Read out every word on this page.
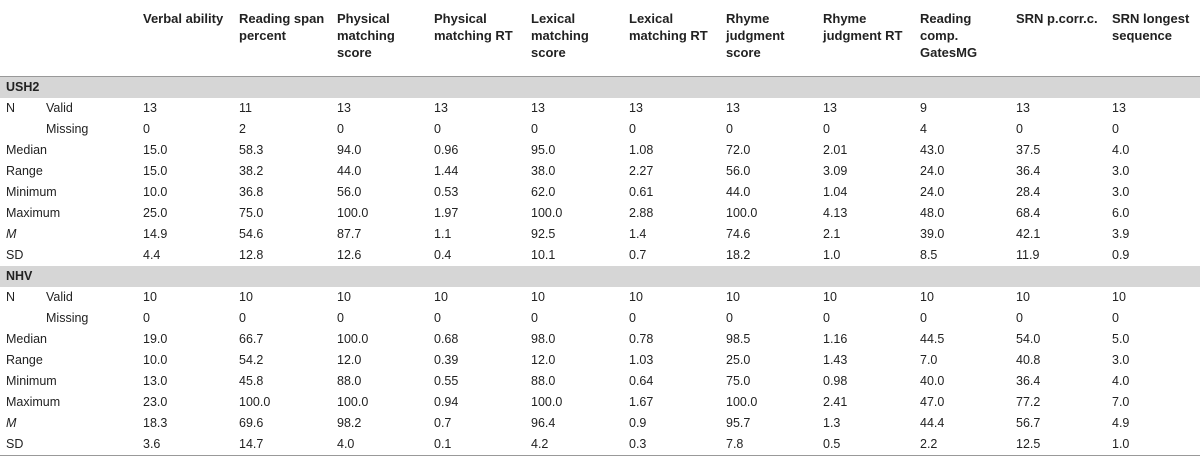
		Verbal ability	Reading span percent	Physical matching score	Physical matching RT	Lexical matching score	Lexical matching RT	Rhyme judgment score	Rhyme judgment RT	Reading comp. GatesMG	SRN p.corr.c.	SRN longest sequence
USH2												
N	Valid	13	11	13	13	13	13	13	13	9	13	13
	Missing	0	2	0	0	0	0	0	0	4	0	0
Median		15.0	58.3	94.0	0.96	95.0	1.08	72.0	2.01	43.0	37.5	4.0
Range		15.0	38.2	44.0	1.44	38.0	2.27	56.0	3.09	24.0	36.4	3.0
Minimum		10.0	36.8	56.0	0.53	62.0	0.61	44.0	1.04	24.0	28.4	3.0
Maximum		25.0	75.0	100.0	1.97	100.0	2.88	100.0	4.13	48.0	68.4	6.0
M		14.9	54.6	87.7	1.1	92.5	1.4	74.6	2.1	39.0	42.1	3.9
SD		4.4	12.8	12.6	0.4	10.1	0.7	18.2	1.0	8.5	11.9	0.9
NHV												
N	Valid	10	10	10	10	10	10	10	10	10	10	10
	Missing	0	0	0	0	0	0	0	0	0	0	0
Median		19.0	66.7	100.0	0.68	98.0	0.78	98.5	1.16	44.5	54.0	5.0
Range		10.0	54.2	12.0	0.39	12.0	1.03	25.0	1.43	7.0	40.8	3.0
Minimum		13.0	45.8	88.0	0.55	88.0	0.64	75.0	0.98	40.0	36.4	4.0
Maximum		23.0	100.0	100.0	0.94	100.0	1.67	100.0	2.41	47.0	77.2	7.0
M		18.3	69.6	98.2	0.7	96.4	0.9	95.7	1.3	44.4	56.7	4.9
SD		3.6	14.7	4.0	0.1	4.2	0.3	7.8	0.5	2.2	12.5	1.0
